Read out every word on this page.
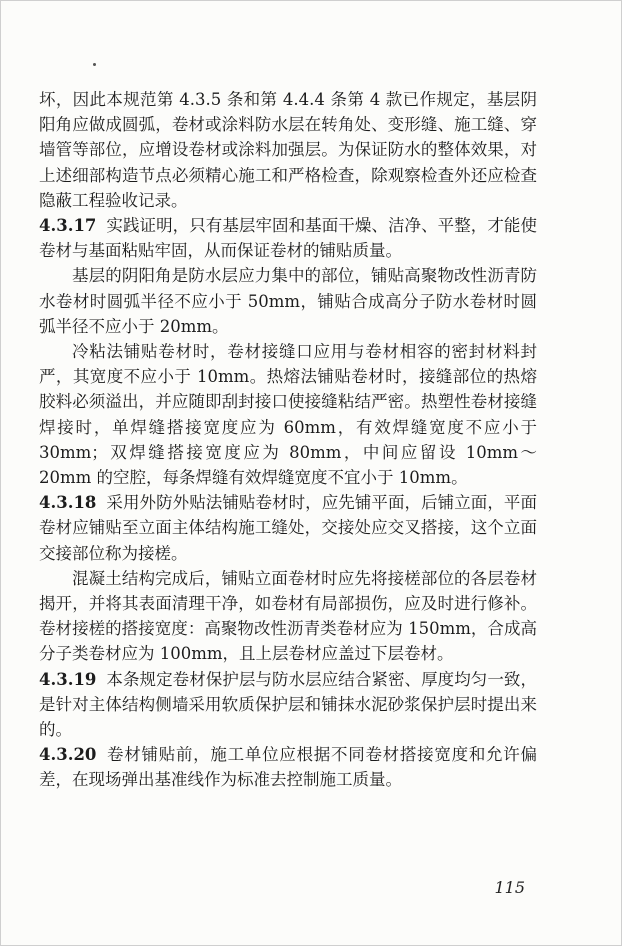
坏，因此本规范第 4.3.5 条和第 4.4.4 条第 4 款已作规定，基层阴阳角应做成圆弧，卷材或涂料防水层在转角处、变形缝、施工缝、穿墙管等部位，应增设卷材或涂料加强层。为保证防水的整体效果，对上述细部构造节点必须精心施工和严格检查，除观察检查外还应检查隐蔽工程验收记录。

4.3.17 实践证明，只有基层牢固和基面干燥、洁净、平整，才能使卷材与基面粘贴牢固，从而保证卷材的铺贴质量。

基层的阴阳角是防水层应力集中的部位，铺贴高聚物改性沥青防水卷材时圆弧半径不应小于 50mm，铺贴合成高分子防水卷材时圆弧半径不应小于 20mm。

冷粘法铺贴卷材时，卷材接缝口应用与卷材相容的密封材料封严，其宽度不应小于 10mm。热熔法铺贴卷材时，接缝部位的热熔胶料必须溢出，并应随即刮封接口使接缝粘结严密。热塑性卷材接缝焊接时，单焊缝搭接宽度应为 60mm，有效焊缝宽度不应小于 30mm；双焊缝搭接宽度应为 80mm，中间应留设 10mm～20mm 的空腔，每条焊缝有效焊缝宽度不宜小于 10mm。

4.3.18 采用外防外贴法铺贴卷材时，应先铺平面，后铺立面，平面卷材应铺贴至立面主体结构施工缝处，交接处应交叉搭接，这个立面交接部位称为接槎。

混凝土结构完成后，铺贴立面卷材时应先将接槎部位的各层卷材揭开，并将其表面清理干净，如卷材有局部损伤，应及时进行修补。卷材接槎的搭接宽度：高聚物改性沥青类卷材应为 150mm，合成高分子类卷材应为 100mm，且上层卷材应盖过下层卷材。

4.3.19 本条规定卷材保护层与防水层应结合紧密、厚度均匀一致，是针对主体结构侧墙采用软质保护层和铺抹水泥砂浆保护层时提出来的。

4.3.20 卷材铺贴前，施工单位应根据不同卷材搭接宽度和允许偏差，在现场弹出基准线作为标准去控制施工质量。

115
